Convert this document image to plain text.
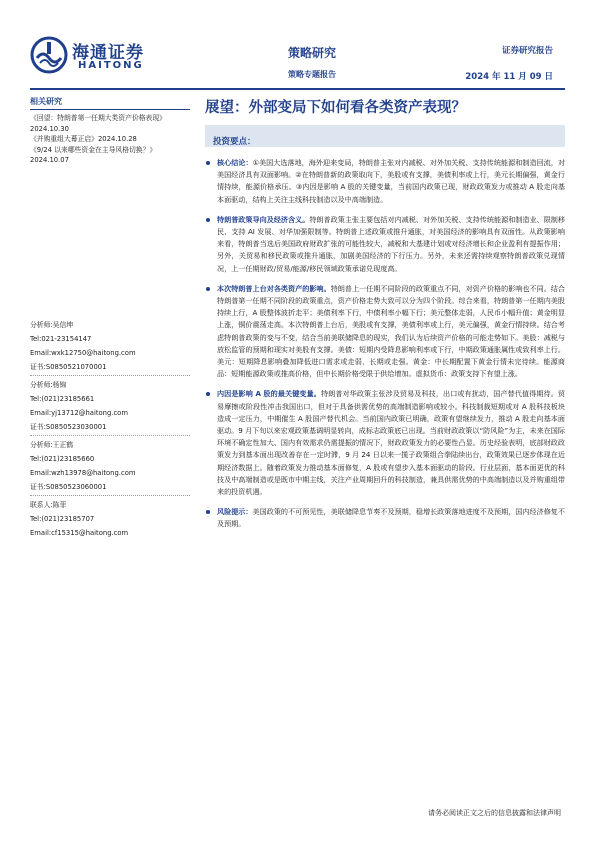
海通证券
HAITONG
策略研究
策略专题报告
证券研究报告
2024 年 11 月 09 日
相关研究
《回望：特朗普第一任期大类资产价格表现》2024.10.30
《并购重组大幕正启》2024.10.28
《9/24 以来哪些资金在主导风格切换？》2024.10.07
分析师:吴信坤
Tel:021-23154147
Email:wxk12750@haitong.com
证书:S0850521070001
分析师:杨锦
Tel:(021)23185661
Email:yj13712@haitong.com
证书:S0850523030001
分析师:王正鹤
Tel:(021)23185660
Email:wzh13978@haitong.com
证书:S0850523060001
联系人:陈菲
Tel:(021)23185707
Email:cf15315@haitong.com
展望：外部变局下如何看各类资产表现？
投资要点：
核心结论：①美国大选落地，海外迎来变局，特朗普主张对内减税、对外加关税、支持传统能源和制造回流，对美国经济具有双面影响。②在特朗普新的政策取向下，美股或有支撑，美债利率或上行，美元长期偏强，黄金行情持续，能源价格承压。③内因是影响 A 股的关键变量，当前国内政策已现，财政政策发力或推动 A 股走向基本面驱动，结构上关注主线科技制造以及中高端制造。
特朗普政策导向及经济含义。特朗普政策主张主要包括对内减税、对外加关税、支持传统能源和制造业、限制移民、支持 AI 发展、对华加强限制等。特朗普上述政策或推升通胀，对美国经济的影响具有双面性。从政策影响来看，特朗普当选后美国政府财政扩张的可能性较大，减税和大基建计划或对经济增长和企业盈利有提振作用；另外，关贸易和移民政策或推升通胀，加剧美国经济的下行压力。另外，未来还需持续观察特朗普政策兑现情况，上一任期财政/贸易/能源/移民领域政策承诺兑现度高。
本次特朗普上台对各类资产的影响。特朗普上一任期不同阶段的政策重点不同，对资产价格的影响也不同。结合特朗普第一任期不同阶段的政策重点，资产价格走势大致可以分为四个阶段。综合来看，特朗普第一任期内美股持续上行，A 股整体波折走平；美债利率下行，中债利率小幅下行；美元整体走弱，人民币小幅升值；黄金明显上涨，铜价震荡走高。本次特朗普上台后，美股或有支撑，美债利率或上行，美元偏强，黄金行情持续。结合考虑特朗普政策的变与不变，结合当前美联储降息的现实，我们认为后续资产价格的可能走势如下。美股：减税与放松监管的预期和现实对美股有支撑。美债：短期内受降息影响利率或下行，中期政策通胀属性或致利率上行。美元：短期降息影响叠加降低进口需求或走弱，长期或走强。黄金：中长期配置下黄金行情未完待续。能源商品：短期能源政策或推高价格，但中长期价格受限于供给增加。虚拟货币：政策支持下有望上涨。
内因是影响 A 股的最关键变量。特朗普对华政策主张涉及贸易及科技，出口或有扰动，国产替代值得期待。贸易摩擦或阶段性冲击我国出口，但对于具备供需优势的高端制造影响或较小。科技制裁短期或对 A 股科技板块造成一定压力，中期催生 A 股国产替代机会。当前国内政策已明确，政策有望继续发力，推动 A 股走向基本面驱动。9 月下旬以来宏观政策基调明显转向，成标志政策底已出现。当前财政政策以“防风险”为主，未来在国际环境不确定性加大、国内有效需求仍需提振的情况下，财政政策发力的必要性凸显。历史经验表明，底部财政政策发力到基本面出现改善存在一定时滞，9 月 24 日以来一揽子政策组合拳陆续出台，政策效果已逐步体现在近期经济数据上。随着政策发力推动基本面修复，A 股或有望步入基本面驱动的阶段。行业层面，基本面更优的科技及中高端制造或是既市中期主线，关注产业周期回升的科技制造，兼具供需优势的中高端制造以及并购重组带来的投资机遇。
风险提示：美国政策的不可预见性，美联储降息节奏不及预期，稳增长政策落地进度不及预期，国内经济修复不及预期。
请务必阅读正文之后的信息披露和法律声明
